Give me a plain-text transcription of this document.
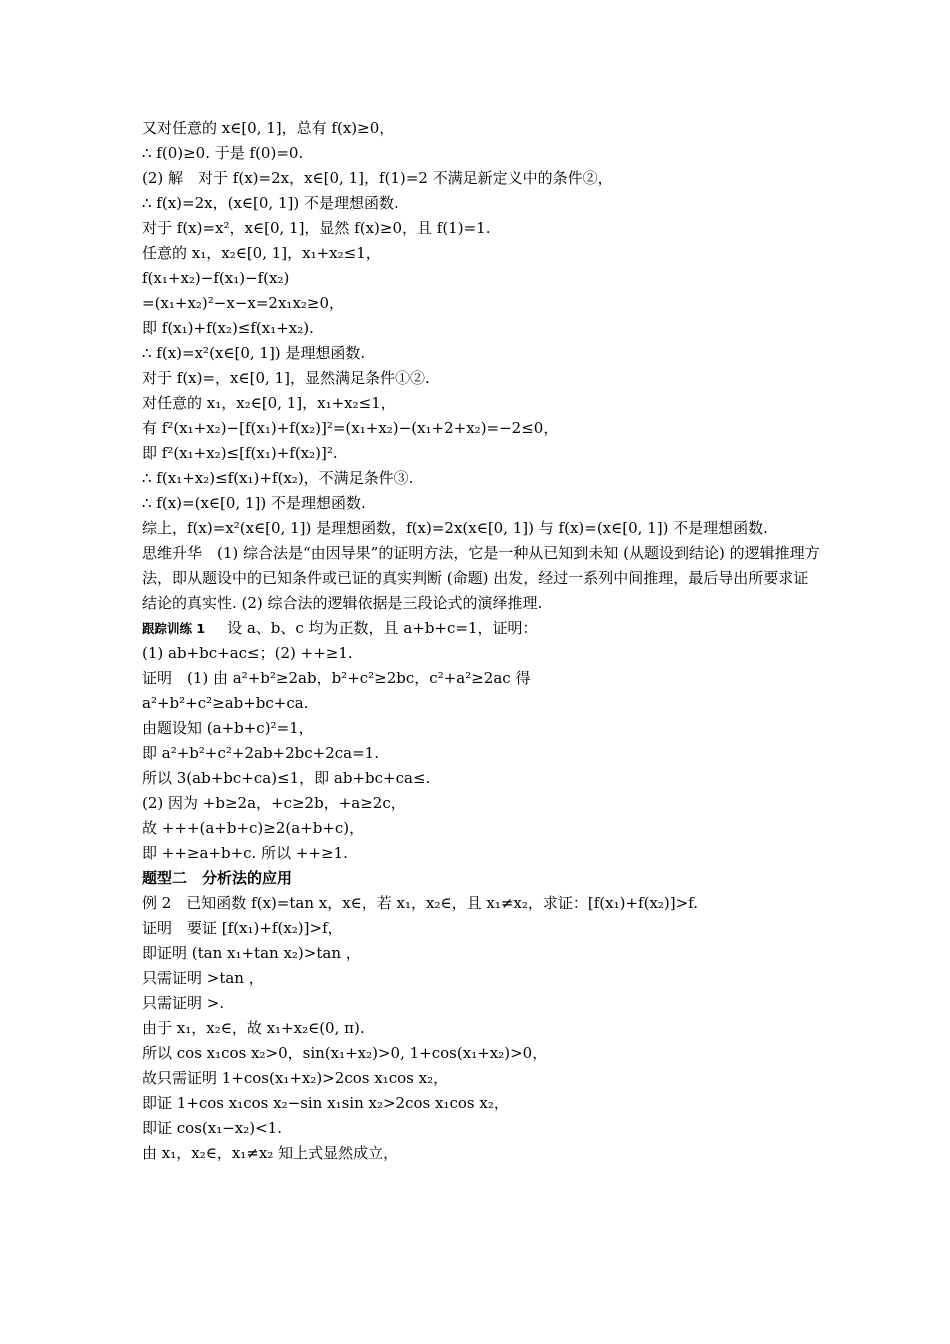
又对任意的 x∈[0, 1]，总有 f(x)≥0，
∴ f(0)≥0. 于是 f(0)=0.
(2) 解　对于 f(x)=2x，x∈[0, 1]，f(1)=2 不满足新定义中的条件②，
∴ f(x)=2x，(x∈[0, 1]) 不是理想函数.
对于 f(x)=x²，x∈[0, 1]，显然 f(x)≥0，且 f(1)=1.
任意的 x₁，x₂∈[0, 1]，x₁+x₂≤1，
f(x₁+x₂)−f(x₁)−f(x₂)
=(x₁+x₂)²−x−x=2x₁x₂≥0，
即 f(x₁)+f(x₂)≤f(x₁+x₂).
∴ f(x)=x²(x∈[0, 1]) 是理想函数.
对于 f(x)=，x∈[0, 1]，显然满足条件①②.
对任意的 x₁，x₂∈[0, 1]，x₁+x₂≤1，
有 f²(x₁+x₂)−[f(x₁)+f(x₂)]²=(x₁+x₂)−(x₁+2+x₂)=−2≤0，
即 f²(x₁+x₂)≤[f(x₁)+f(x₂)]².
∴ f(x₁+x₂)≤f(x₁)+f(x₂)，不满足条件③.
∴ f(x)=(x∈[0, 1]) 不是理想函数.
综上，f(x)=x²(x∈[0, 1]) 是理想函数，f(x)=2x(x∈[0, 1]) 与 f(x)=(x∈[0, 1]) 不是理想函数.
思维升华　(1) 综合法是“由因导果”的证明方法，它是一种从已知到未知 (从题设到结论) 的逻辑推理方法，即从题设中的已知条件或已证的真实判断 (命题) 出发，经过一系列中间推理，最后导出所要求证结论的真实性. (2) 综合法的逻辑依据是三段论式的演绎推理.
跟踪训练 1 设 a、b、c 均为正数，且 a+b+c=1，证明：
(1) ab+bc+ac≤；(2) ++≥1.
证明　(1) 由 a²+b²≥2ab，b²+c²≥2bc，c²+a²≥2ac 得
a²+b²+c²≥ab+bc+ca.
由题设知 (a+b+c)²=1，
即 a²+b²+c²+2ab+2bc+2ca=1.
所以 3(ab+bc+ca)≤1，即 ab+bc+ca≤.
(2) 因为 +b≥2a，+c≥2b，+a≥2c，
故 +++(a+b+c)≥2(a+b+c)，
即 ++≥a+b+c. 所以 ++≥1.
题型二　分析法的应用
例 2　已知函数 f(x)=tan x，x∈，若 x₁，x₂∈，且 x₁≠x₂，求证：[f(x₁)+f(x₂)]>f.
证明　要证 [f(x₁)+f(x₂)]>f，
即证明 (tan x₁+tan x₂)>tan ，
只需证明 >tan ，
只需证明 >.
由于 x₁，x₂∈，故 x₁+x₂∈(0, π).
所以 cos x₁cos x₂>0，sin(x₁+x₂)>0, 1+cos(x₁+x₂)>0，
故只需证明 1+cos(x₁+x₂)>2cos x₁cos x₂，
即证 1+cos x₁cos x₂−sin x₁sin x₂>2cos x₁cos x₂，
即证 cos(x₁−x₂)<1.
由 x₁，x₂∈，x₁≠x₂ 知上式显然成立，
